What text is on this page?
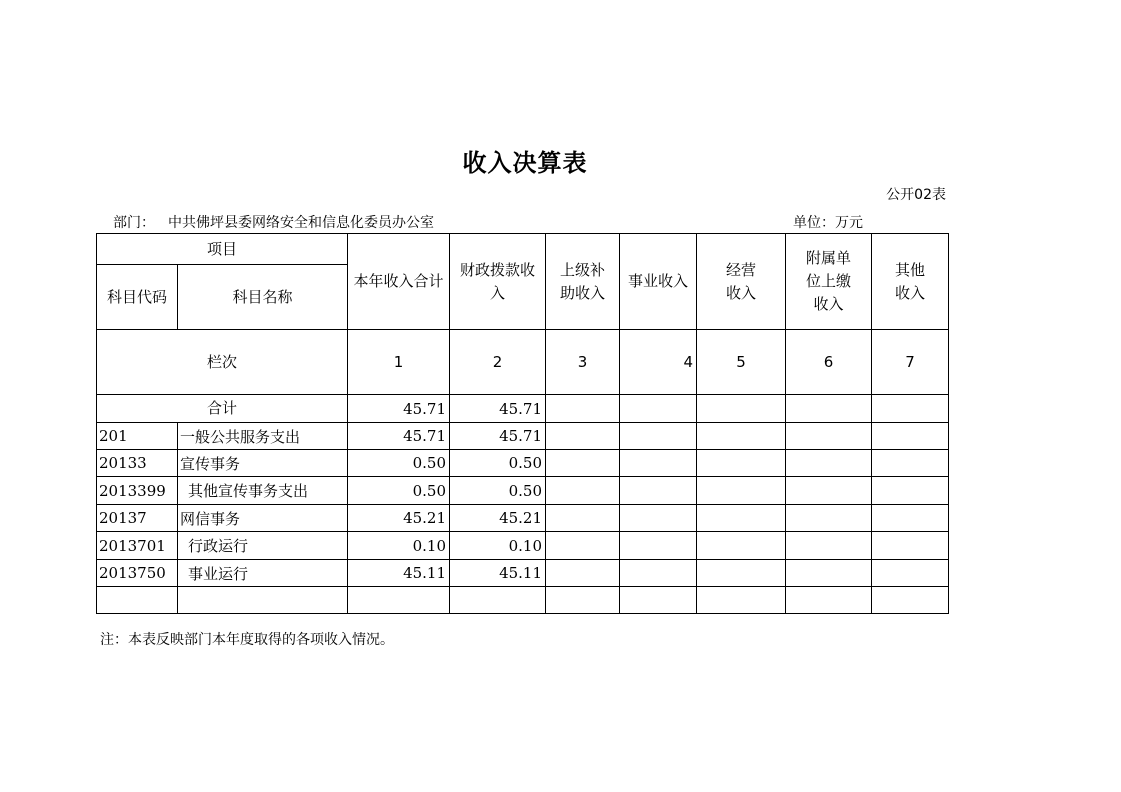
收入决算表
公开02表
部门： 中共佛坪县委网络安全和信息化委员办公室	单位：万元
项目		本年收入合计	财政拨款收入	上级补助收入	事业收入	经营收入	附属单位上缴收入	其他收入
科目代码	科目名称							
栏次		1	2	3	4	5	6	7
合计		45.71	45.71					
201	一般公共服务支出	45.71	45.71					
20133	宣传事务	0.50	0.50					
2013399	其他宣传事务支出	0.50	0.50					
20137	网信事务	45.21	45.21					
2013701	行政运行	0.10	0.10					
2013750	事业运行	45.11	45.11					

注：本表反映部门本年度取得的各项收入情况。
